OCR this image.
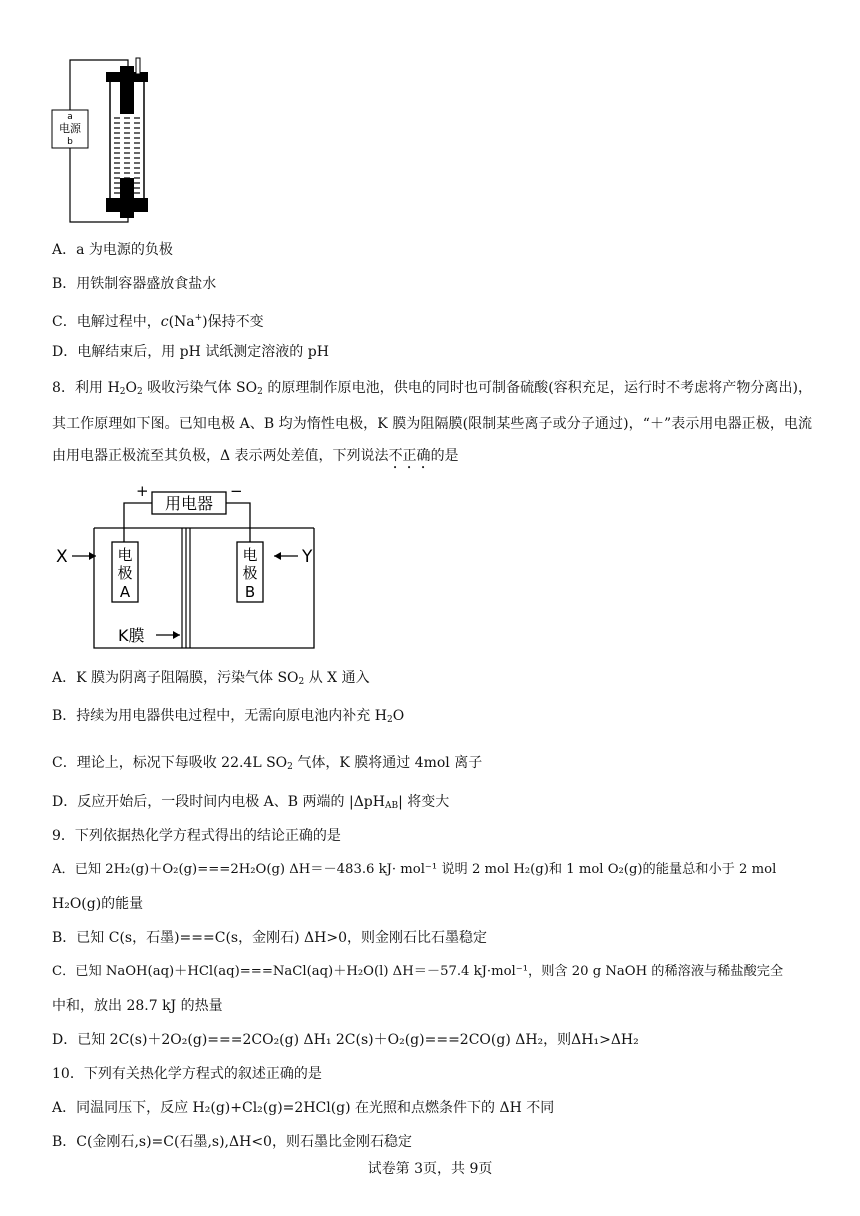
a
电源
b
A．a 为电源的负极
B．用铁制容器盛放食盐水
C．电解过程中，c(Na+)保持不变
D．电解结束后，用 pH 试纸测定溶液的 pH
8．利用 $H_2O_2$ 吸收污染气体 $SO_2$ 的原理制作原电池，供电的同时也可制备硫酸(容积充足，运行时不考虑将产物分离出)，其工作原理如下图。已知电极 A、B 均为惰性电极，K 膜为阻隔膜(限制某些离子或分子通过)，“＋”表示用电器正极，电流由用电器正极流至其负极，Δ 表示两处差值，下列说法不正确的是
+	−
用电器
电
极
A
电
极
B
X	Y
K膜
A．K 膜为阴离子阻隔膜，污染气体 $SO_2$ 从 X 通入
B．持续为用电器供电过程中，无需向原电池内补充 $H_2O$
C．理论上，标况下每吸收 22.4L $SO_2$ 气体，K 膜将通过 4mol 离子
D．反应开始后，一段时间内电极 A、B 两端的 |ΔpH$_{AB}$| 将变大
9．下列依据热化学方程式得出的结论正确的是
A．已知 2H₂(g)＋O₂(g)===2H₂O(g) ΔH＝－483.6 kJ· mol⁻¹ 说明 2 mol H₂(g)和 1 mol O₂(g)的能量总和小于 2 mol
H₂O(g)的能量
B．已知 C(s，石墨)===C(s，金刚石) ΔH>0，则金刚石比石墨稳定
C．已知 NaOH(aq)＋HCl(aq)===NaCl(aq)＋H₂O(l) ΔH＝－57.4 kJ·mol⁻¹，则含 20 g NaOH 的稀溶液与稀盐酸完全
中和，放出 28.7 kJ 的热量
D．已知 2C(s)＋2O₂(g)===2CO₂(g) ΔH₁ 2C(s)＋O₂(g)===2CO(g) ΔH₂，则ΔH₁>ΔH₂
10．下列有关热化学方程式的叙述正确的是
A．同温同压下，反应 H₂(g)+Cl₂(g)=2HCl(g) 在光照和点燃条件下的 ΔH 不同
B．C(金刚石,s)=C(石墨,s),ΔH<0，则石墨比金刚石稳定
试卷第 3页，共 9页
